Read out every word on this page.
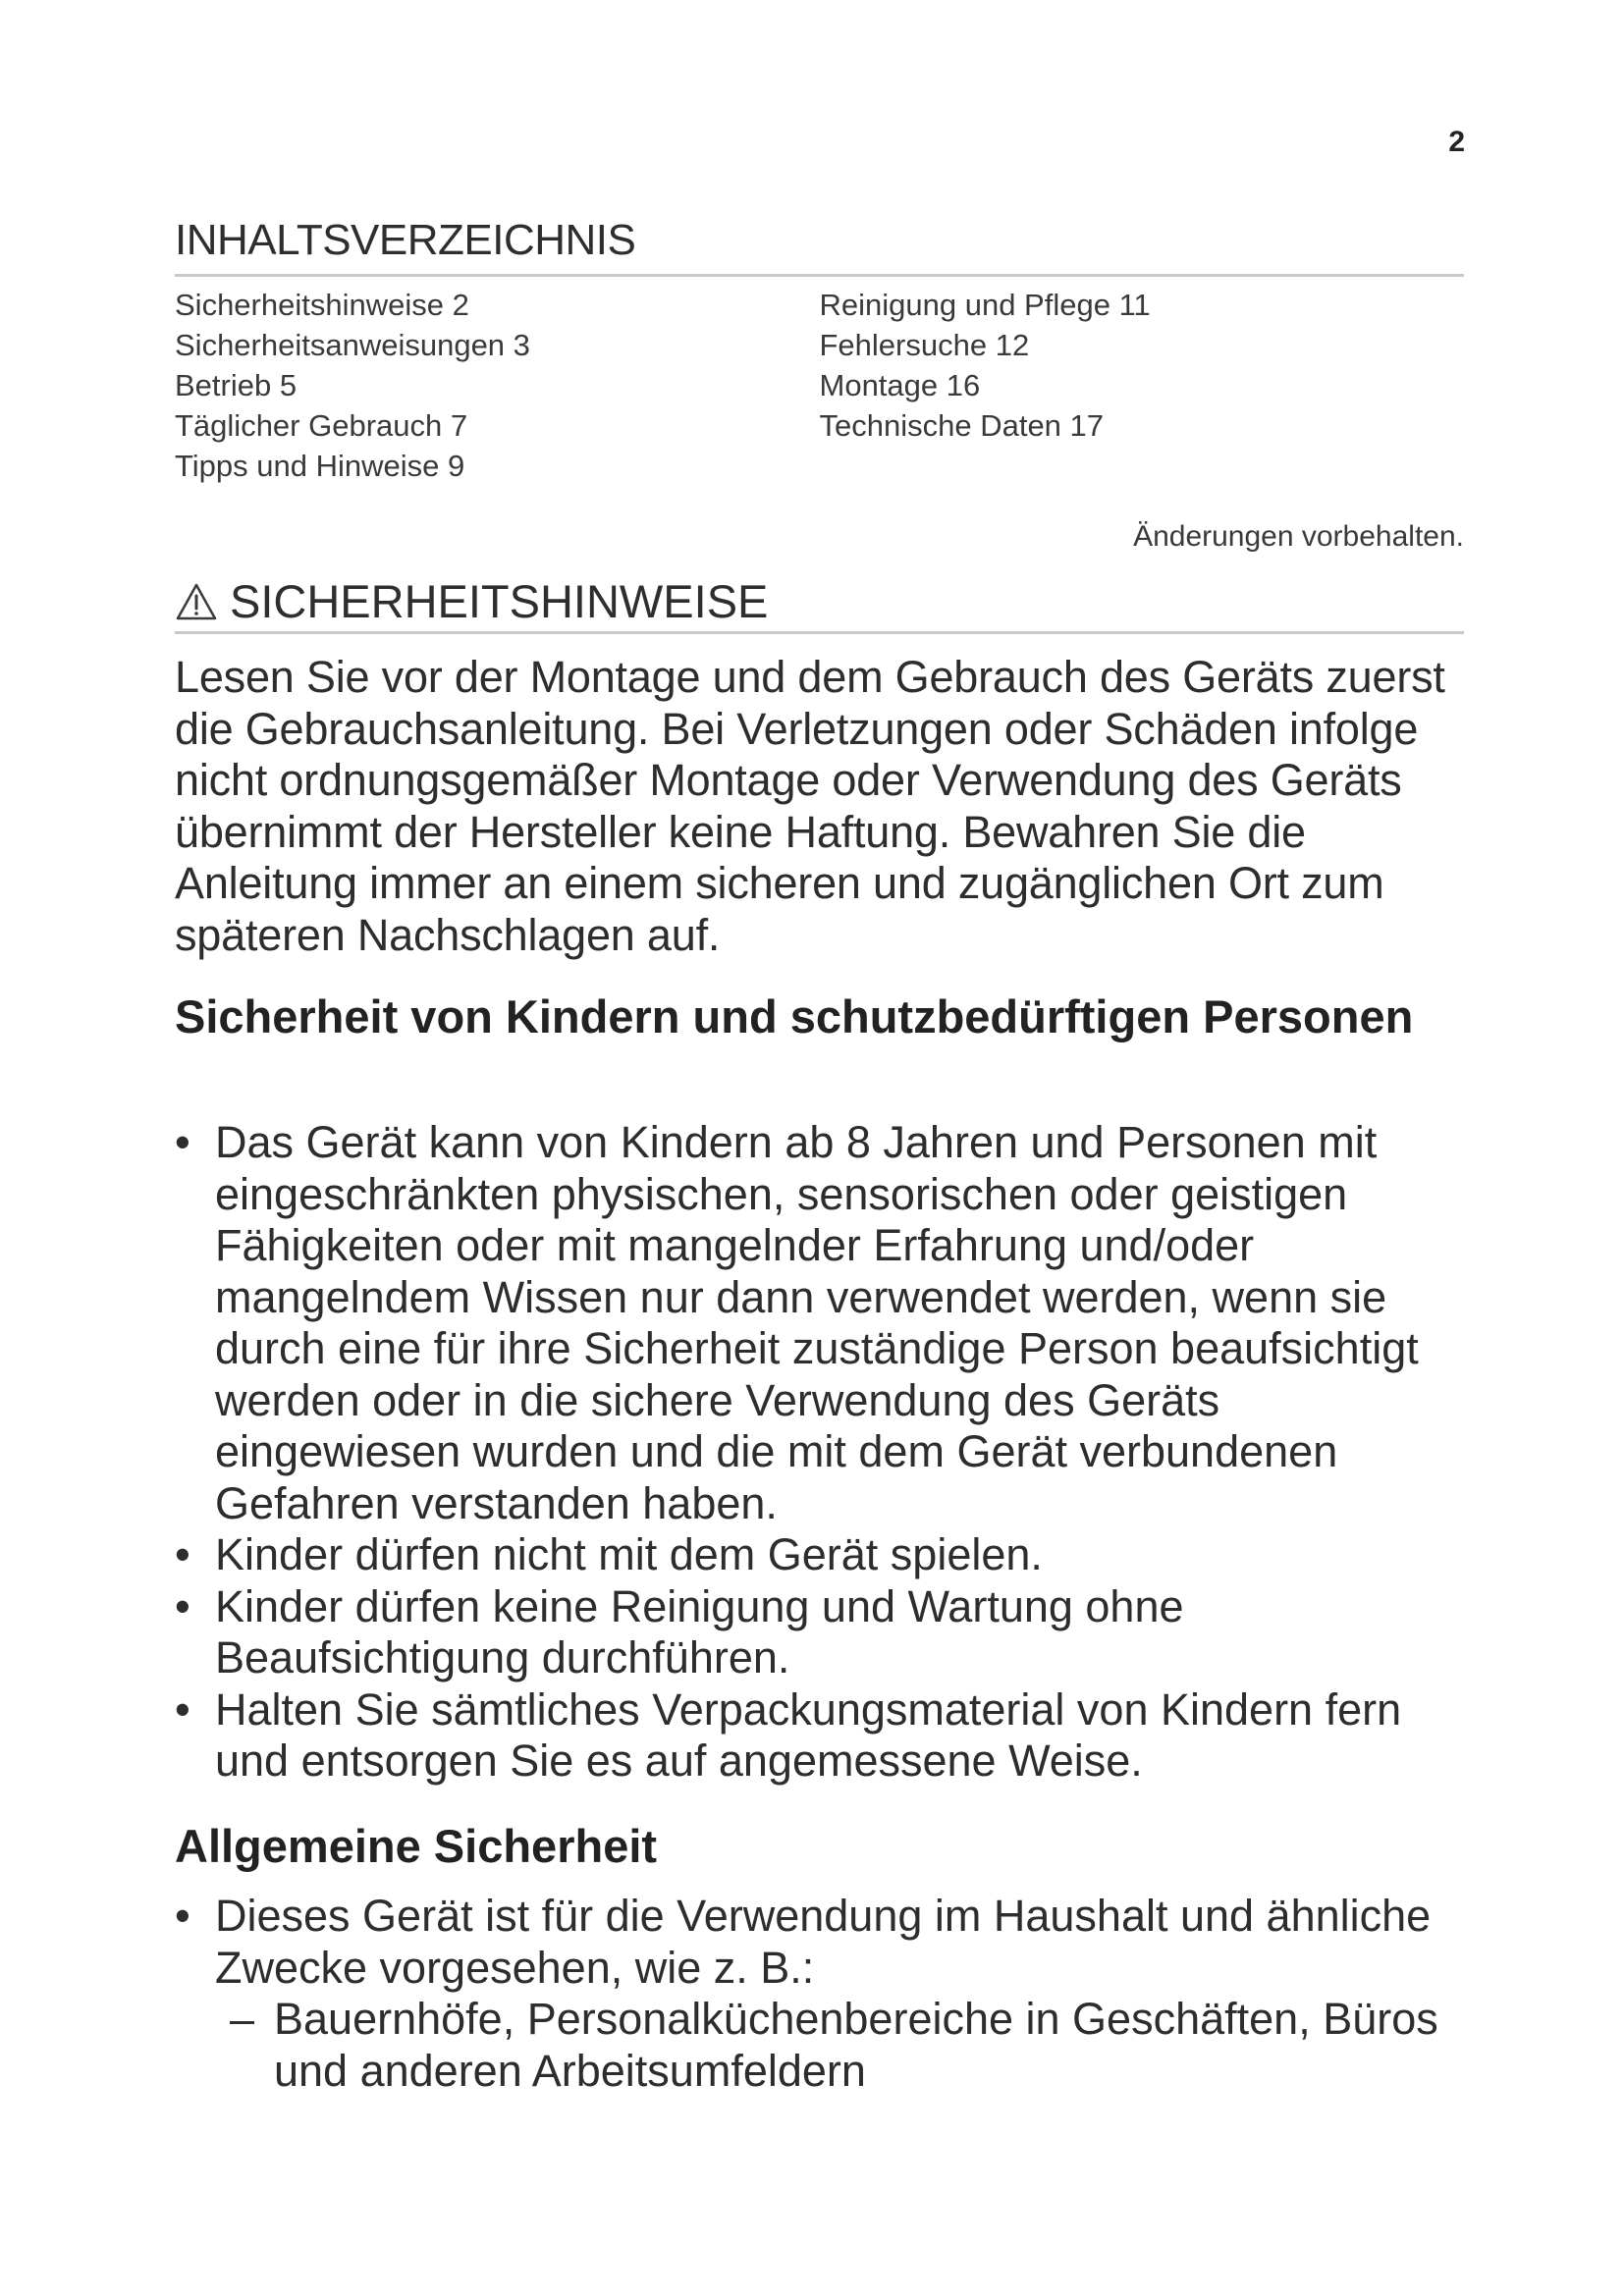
2
INHALTSVERZEICHNIS
Sicherheitshinweise 2
Sicherheitsanweisungen 3
Betrieb 5
Täglicher Gebrauch 7
Tipps und Hinweise 9
Reinigung und Pflege 11
Fehlersuche 12
Montage 16
Technische Daten 17
Änderungen vorbehalten.
SICHERHEITSHINWEISE
Lesen Sie vor der Montage und dem Gebrauch des Geräts zuerst die Gebrauchsanleitung. Bei Verletzungen oder Schäden infolge nicht ordnungsgemäßer Montage oder Verwendung des Geräts übernimmt der Hersteller keine Haftung. Bewahren Sie die Anleitung immer an einem sicheren und zugänglichen Ort zum späteren Nachschlagen auf.
Sicherheit von Kindern und schutzbedürftigen Personen
• Das Gerät kann von Kindern ab 8 Jahren und Personen mit eingeschränkten physischen, sensorischen oder geistigen Fähigkeiten oder mit mangelnder Erfahrung und/oder mangelndem Wissen nur dann verwendet werden, wenn sie durch eine für ihre Sicherheit zuständige Person beaufsichtigt werden oder in die sichere Verwendung des Geräts eingewiesen wurden und die mit dem Gerät verbundenen Gefahren verstanden haben.
• Kinder dürfen nicht mit dem Gerät spielen.
• Kinder dürfen keine Reinigung und Wartung ohne Beaufsichtigung durchführen.
• Halten Sie sämtliches Verpackungsmaterial von Kindern fern und entsorgen Sie es auf angemessene Weise.
Allgemeine Sicherheit
• Dieses Gerät ist für die Verwendung im Haushalt und ähnliche Zwecke vorgesehen, wie z. B.:
– Bauernhöfe, Personalküchenbereiche in Geschäften, Büros und anderen Arbeitsumfeldern
